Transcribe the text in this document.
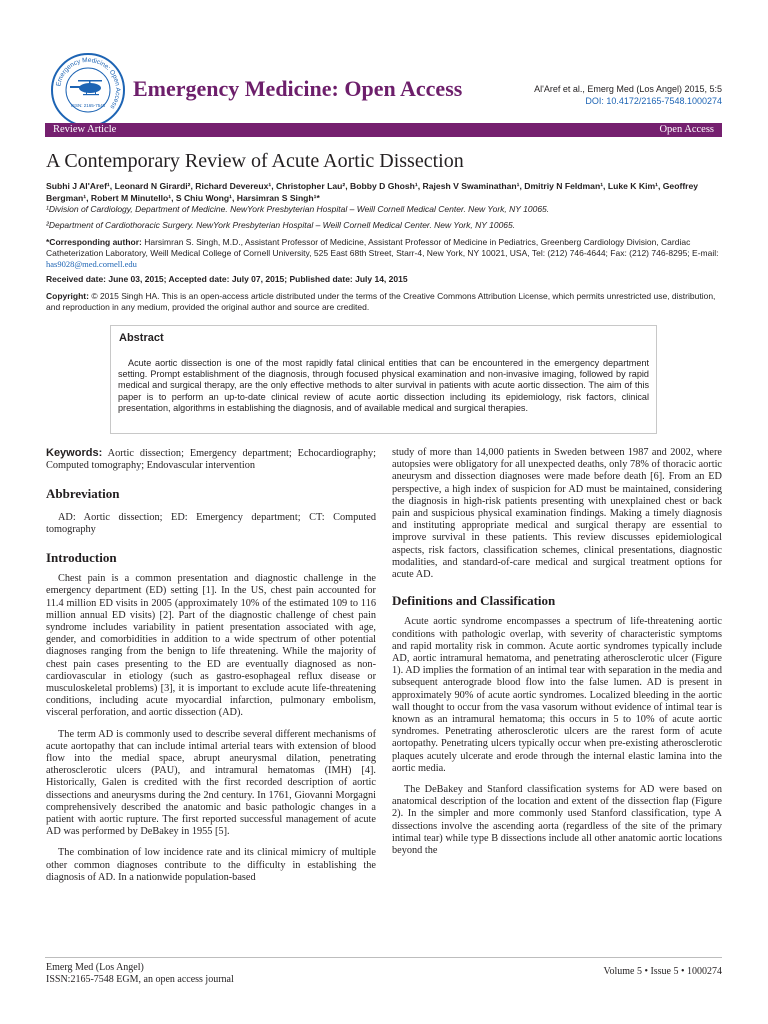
Emergency Medicine: Open Access
ISSN: 2165-7548
Emergency Medicine: Open Access	Al'Aref et al., Emerg Med (Los Angel) 2015, 5:5
DOI: 10.4172/2165-7548.1000274
Review Article	Open Access
A Contemporary Review of Acute Aortic Dissection
Subhi J Al'Aref¹, Leonard N Girardi², Richard Devereux¹, Christopher Lau², Bobby D Ghosh¹, Rajesh V Swaminathan¹, Dmitriy N Feldman¹, Luke K Kim¹, Geoffrey Bergman¹, Robert M Minutello¹, S Chiu Wong¹, Harsimran S Singh¹*
¹Division of Cardiology, Department of Medicine. NewYork Presbyterian Hospital – Weill Cornell Medical Center. New York, NY 10065.
²Department of Cardiothoracic Surgery. NewYork Presbyterian Hospital – Weill Cornell Medical Center. New York, NY 10065.
*Corresponding author: Harsimran S. Singh, M.D., Assistant Professor of Medicine, Assistant Professor of Medicine in Pediatrics, Greenberg Cardiology Division, Cardiac Catheterization Laboratory, Weill Medical College of Cornell University, 525 East 68th Street, Starr-4, New York, NY 10021, USA, Tel: (212) 746-4644; Fax: (212) 746-8295; E-mail: has9028@med.cornell.edu
Received date: June 03, 2015; Accepted date: July 07, 2015; Published date: July 14, 2015
Copyright: © 2015 Singh HA. This is an open-access article distributed under the terms of the Creative Commons Attribution License, which permits unrestricted use, distribution, and reproduction in any medium, provided the original author and source are credited.
Abstract
Acute aortic dissection is one of the most rapidly fatal clinical entities that can be encountered in the emergency department setting. Prompt establishment of the diagnosis, through focused physical examination and non-invasive imaging, followed by rapid medical and surgical therapy, are the only effective methods to alter survival in patients with acute aortic dissection. The aim of this paper is to perform an up-to-date clinical review of acute aortic dissection including its epidemiology, risk factors, clinical presentation, algorithms in establishing the diagnosis, and of available medical and surgical therapies.

Keywords: Aortic dissection; Emergency department; Echocardiography; Computed tomography; Endovascular intervention

Abbreviation

AD: Aortic dissection; ED: Emergency department; CT: Computed tomography

Introduction

Chest pain is a common presentation and diagnostic challenge in the emergency department (ED) setting [1]. In the US, chest pain accounted for 11.4 million ED visits in 2005 (approximately 10% of the estimated 109 to 116 million annual ED visits) [2]. Part of the diagnostic challenge of chest pain syndrome includes variability in patient presentation associated with age, gender, and comorbidities in addition to a wide spectrum of other potential diagnoses ranging from the benign to life threatening. While the majority of chest pain cases presenting to the ED are eventually diagnosed as non-cardiovascular in etiology (such as gastro-esophageal reflux disease or musculoskeletal problems) [3], it is important to exclude acute life-threatening conditions, including acute myocardial infarction, pulmonary embolism, visceral perforation, and aortic dissection (AD).

The term AD is commonly used to describe several different mechanisms of acute aortopathy that can include intimal arterial tears with extension of blood flow into the medial space, abrupt aneurysmal dilation, penetrating atherosclerotic ulcers (PAU), and intramural hematomas (IMH) [4]. Historically, Galen is credited with the first recorded description of aortic dissections and aneurysms during the 2nd century. In 1761, Giovanni Morgagni comprehensively described the anatomic and basic pathologic changes in a patient with aortic rupture. The first reported successful management of acute AD was performed by DeBakey in 1955 [5].

The combination of low incidence rate and its clinical mimicry of multiple other common diagnoses contribute to the difficulty in establishing the diagnosis of AD. In a nationwide population-based

study of more than 14,000 patients in Sweden between 1987 and 2002, where autopsies were obligatory for all unexpected deaths, only 78% of thoracic aortic aneurysm and dissection diagnoses were made before death [6]. From an ED perspective, a high index of suspicion for AD must be maintained, considering the diagnosis in high-risk patients presenting with unexplained chest or back pain and suspicious physical examination findings. Making a timely diagnosis and instituting appropriate medical and surgical therapy are essential to improve survival in these patients. This review discusses epidemiological aspects, risk factors, classification schemes, clinical presentations, diagnostic modalities, and standard-of-care medical and surgical treatment options for acute AD.

Definitions and Classification

Acute aortic syndrome encompasses a spectrum of life-threatening aortic conditions with pathologic overlap, with severity of characteristic symptoms and rapid mortality risk in common. Acute aortic syndromes typically include AD, aortic intramural hematoma, and penetrating atherosclerotic ulcer (Figure 1). AD implies the formation of an intimal tear with separation in the media and subsequent anterograde blood flow into the false lumen. AD is present in approximately 90% of acute aortic syndromes. Localized bleeding in the aortic wall thought to occur from the vasa vasorum without evidence of intimal tear is known as an intramural hematoma; this occurs in 5 to 10% of acute aortic syndromes. Penetrating atherosclerotic ulcers are the rarest form of acute aortopathy. Penetrating ulcers typically occur when pre-existing atherosclerotic plaques acutely ulcerate and erode through the internal elastic lamina into the aortic media.

The DeBakey and Stanford classification systems for AD were based on anatomical description of the location and extent of the dissection flap (Figure 2). In the simpler and more commonly used Stanford classification, type A dissections involve the ascending aorta (regardless of the site of the primary intimal tear) while type B dissections include all other anatomic aortic locations beyond the

Emerg Med (Los Angel)
ISSN:2165-7548 EGM, an open access journal
Volume 5 • Issue 5 • 1000274
